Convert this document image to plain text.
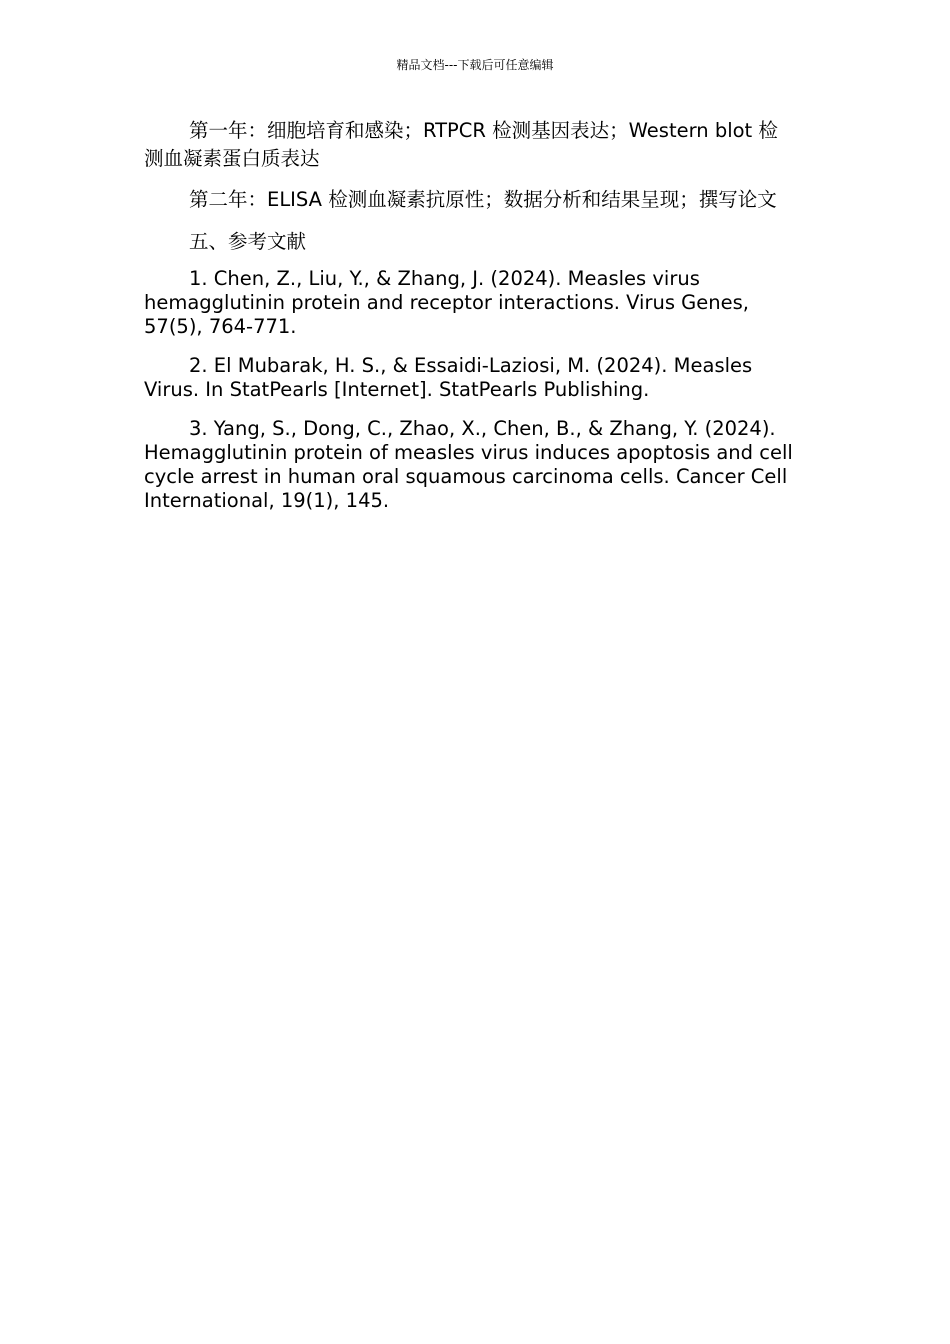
精品文档---下载后可任意编辑

第一年：细胞培育和感染；RTPCR 检测基因表达；Western blot 检测血凝素蛋白质表达

第二年：ELISA 检测血凝素抗原性；数据分析和结果呈现；撰写论文

五、参考文献

1. Chen, Z., Liu, Y., & Zhang, J. (2024). Measles virus hemagglutinin protein and receptor interactions. Virus Genes, 57(5), 764-771.

2. El Mubarak, H. S., & Essaidi-Laziosi, M. (2024). Measles Virus. In StatPearls [Internet]. StatPearls Publishing.

3. Yang, S., Dong, C., Zhao, X., Chen, B., & Zhang, Y. (2024). Hemagglutinin protein of measles virus induces apoptosis and cell cycle arrest in human oral squamous carcinoma cells. Cancer Cell International, 19(1), 145.
